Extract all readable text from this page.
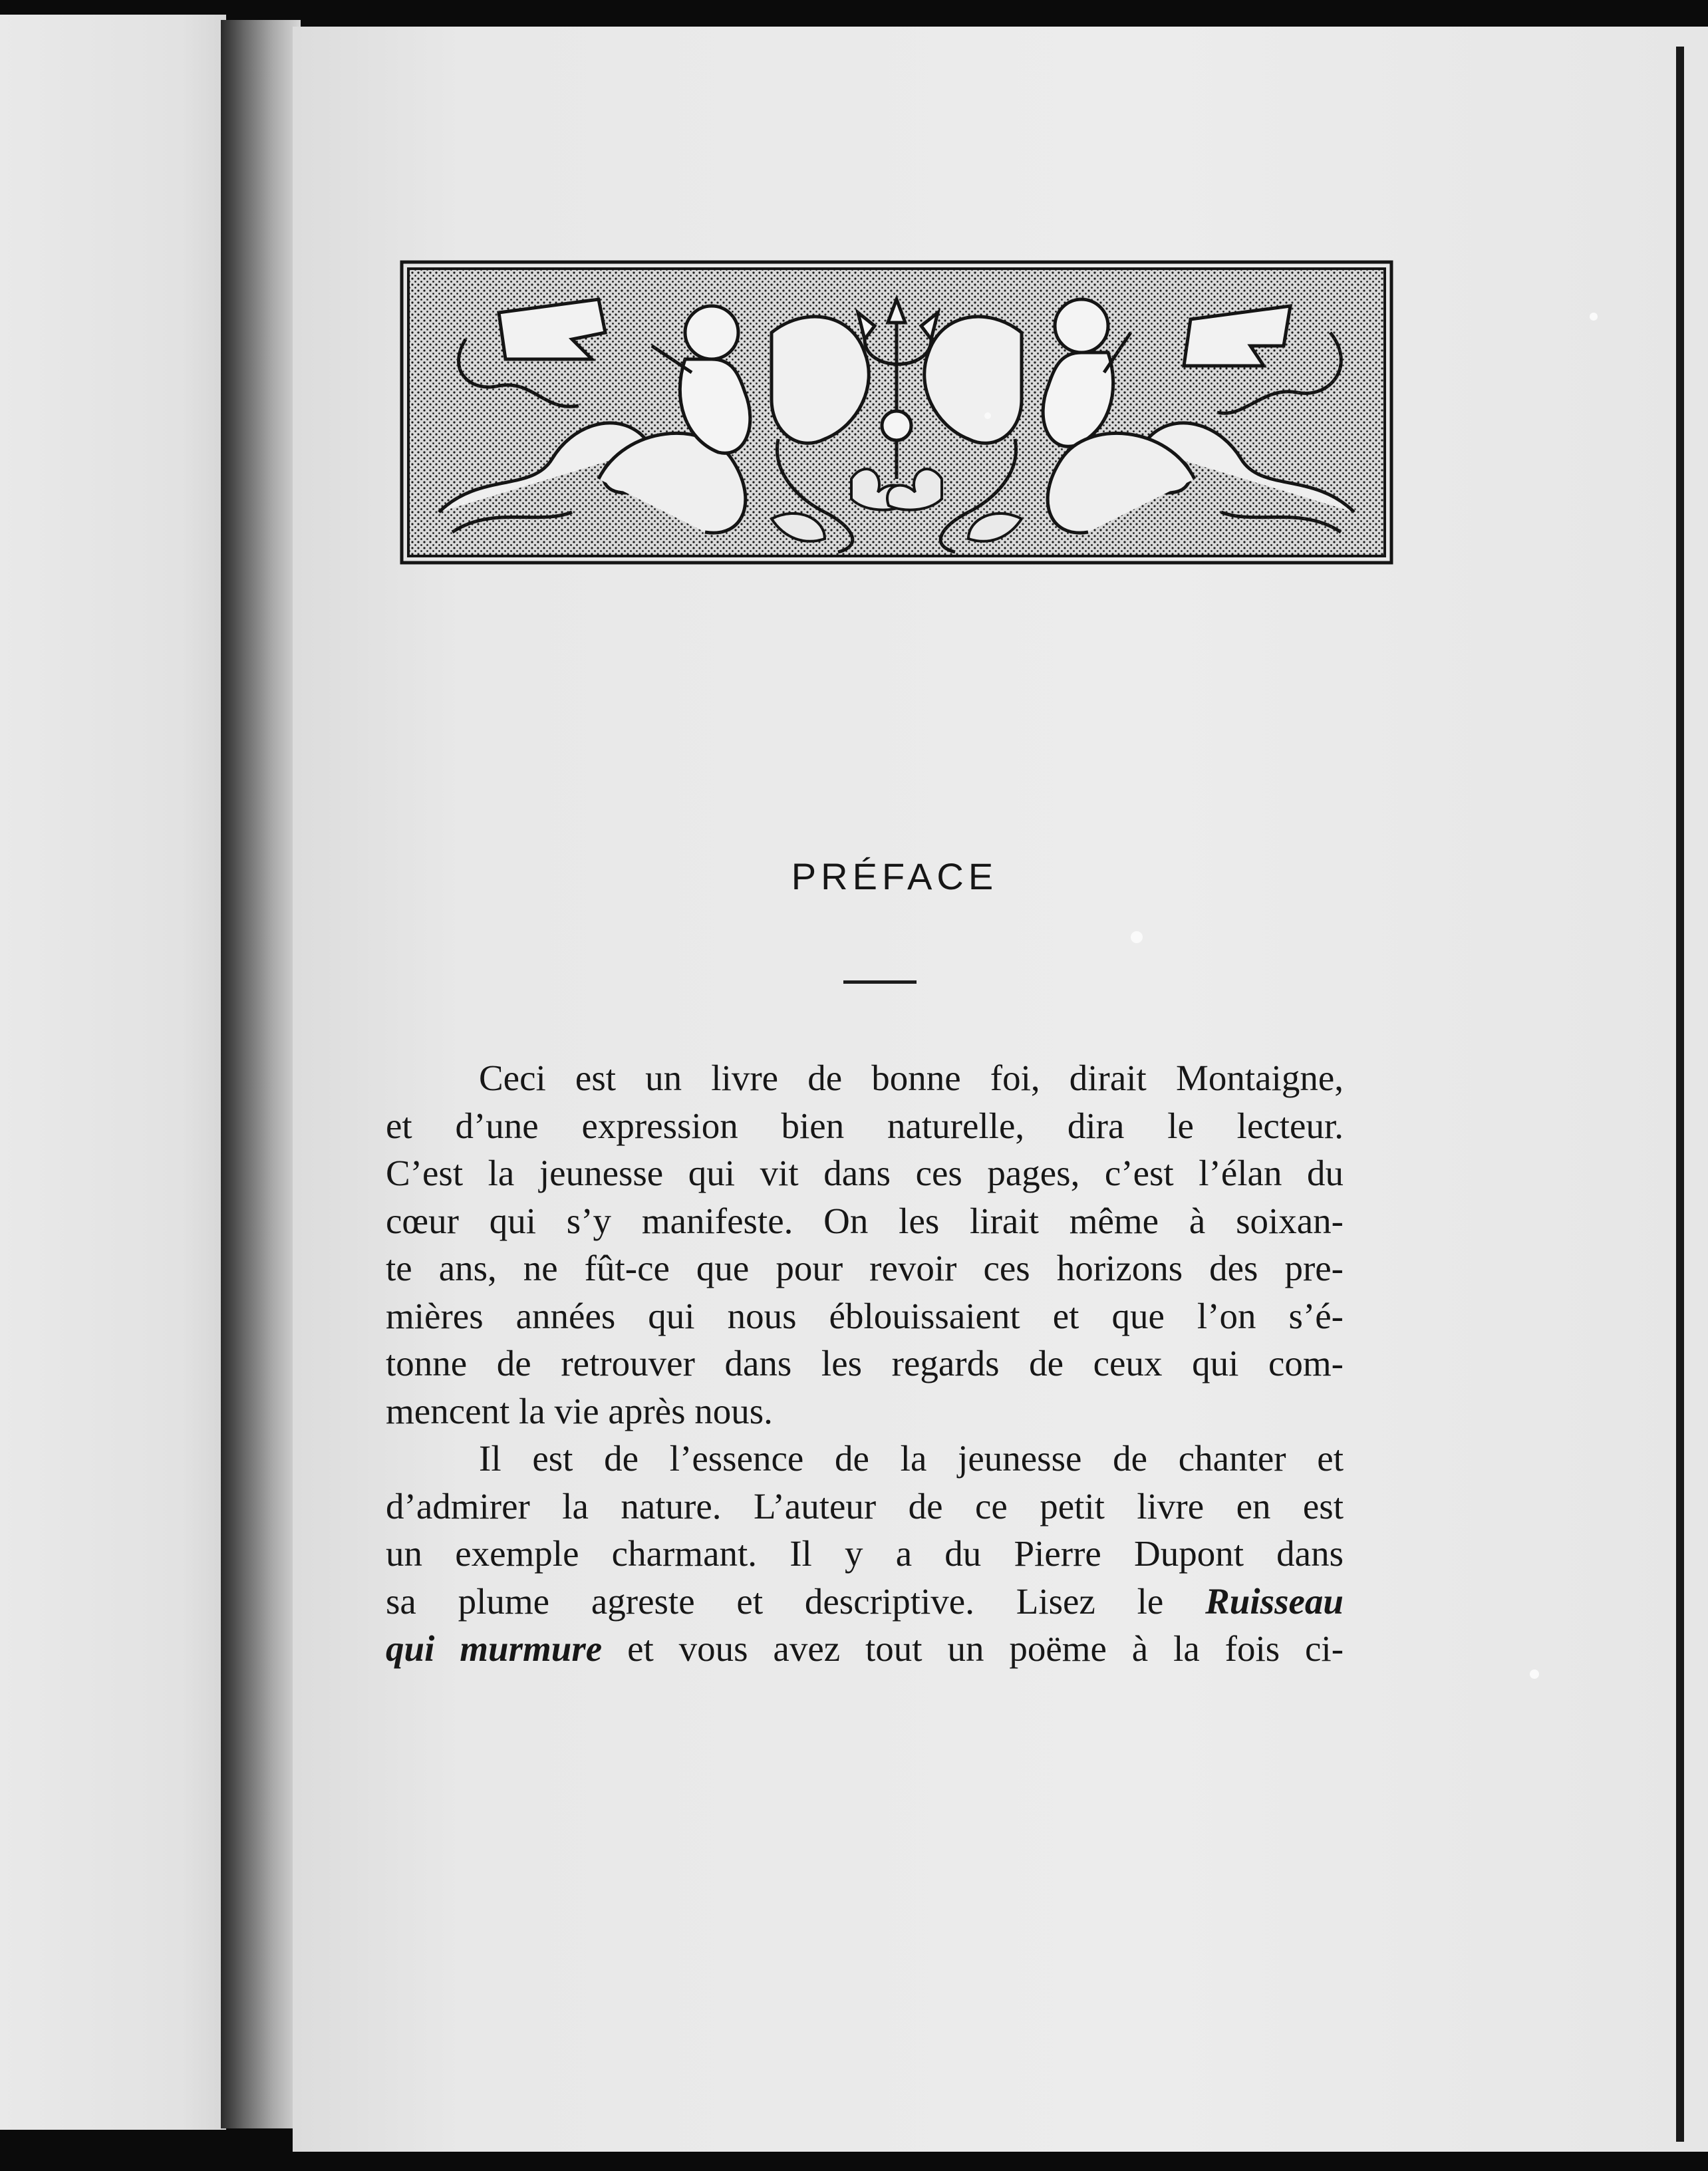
PRÉFACE
Ceci est un livre de bonne foi, dirait Montaigne,
et d’une expression bien naturelle, dira le lecteur.
C’est la jeunesse qui vit dans ces pages, c’est l’élan du
cœur qui s’y manifeste. On les lirait même à soixan-
te ans, ne fût-ce que pour revoir ces horizons des pre-
mières années qui nous éblouissaient et que l’on s’é-
tonne de retrouver dans les regards de ceux qui com-
mencent la vie après nous.
Il est de l’essence de la jeunesse de chanter et
d’admirer la nature. L’auteur de ce petit livre en est
un exemple charmant. Il y a du Pierre Dupont dans
sa plume agreste et descriptive. Lisez le Ruisseau
qui murmure et vous avez tout un poëme à la fois ci-
